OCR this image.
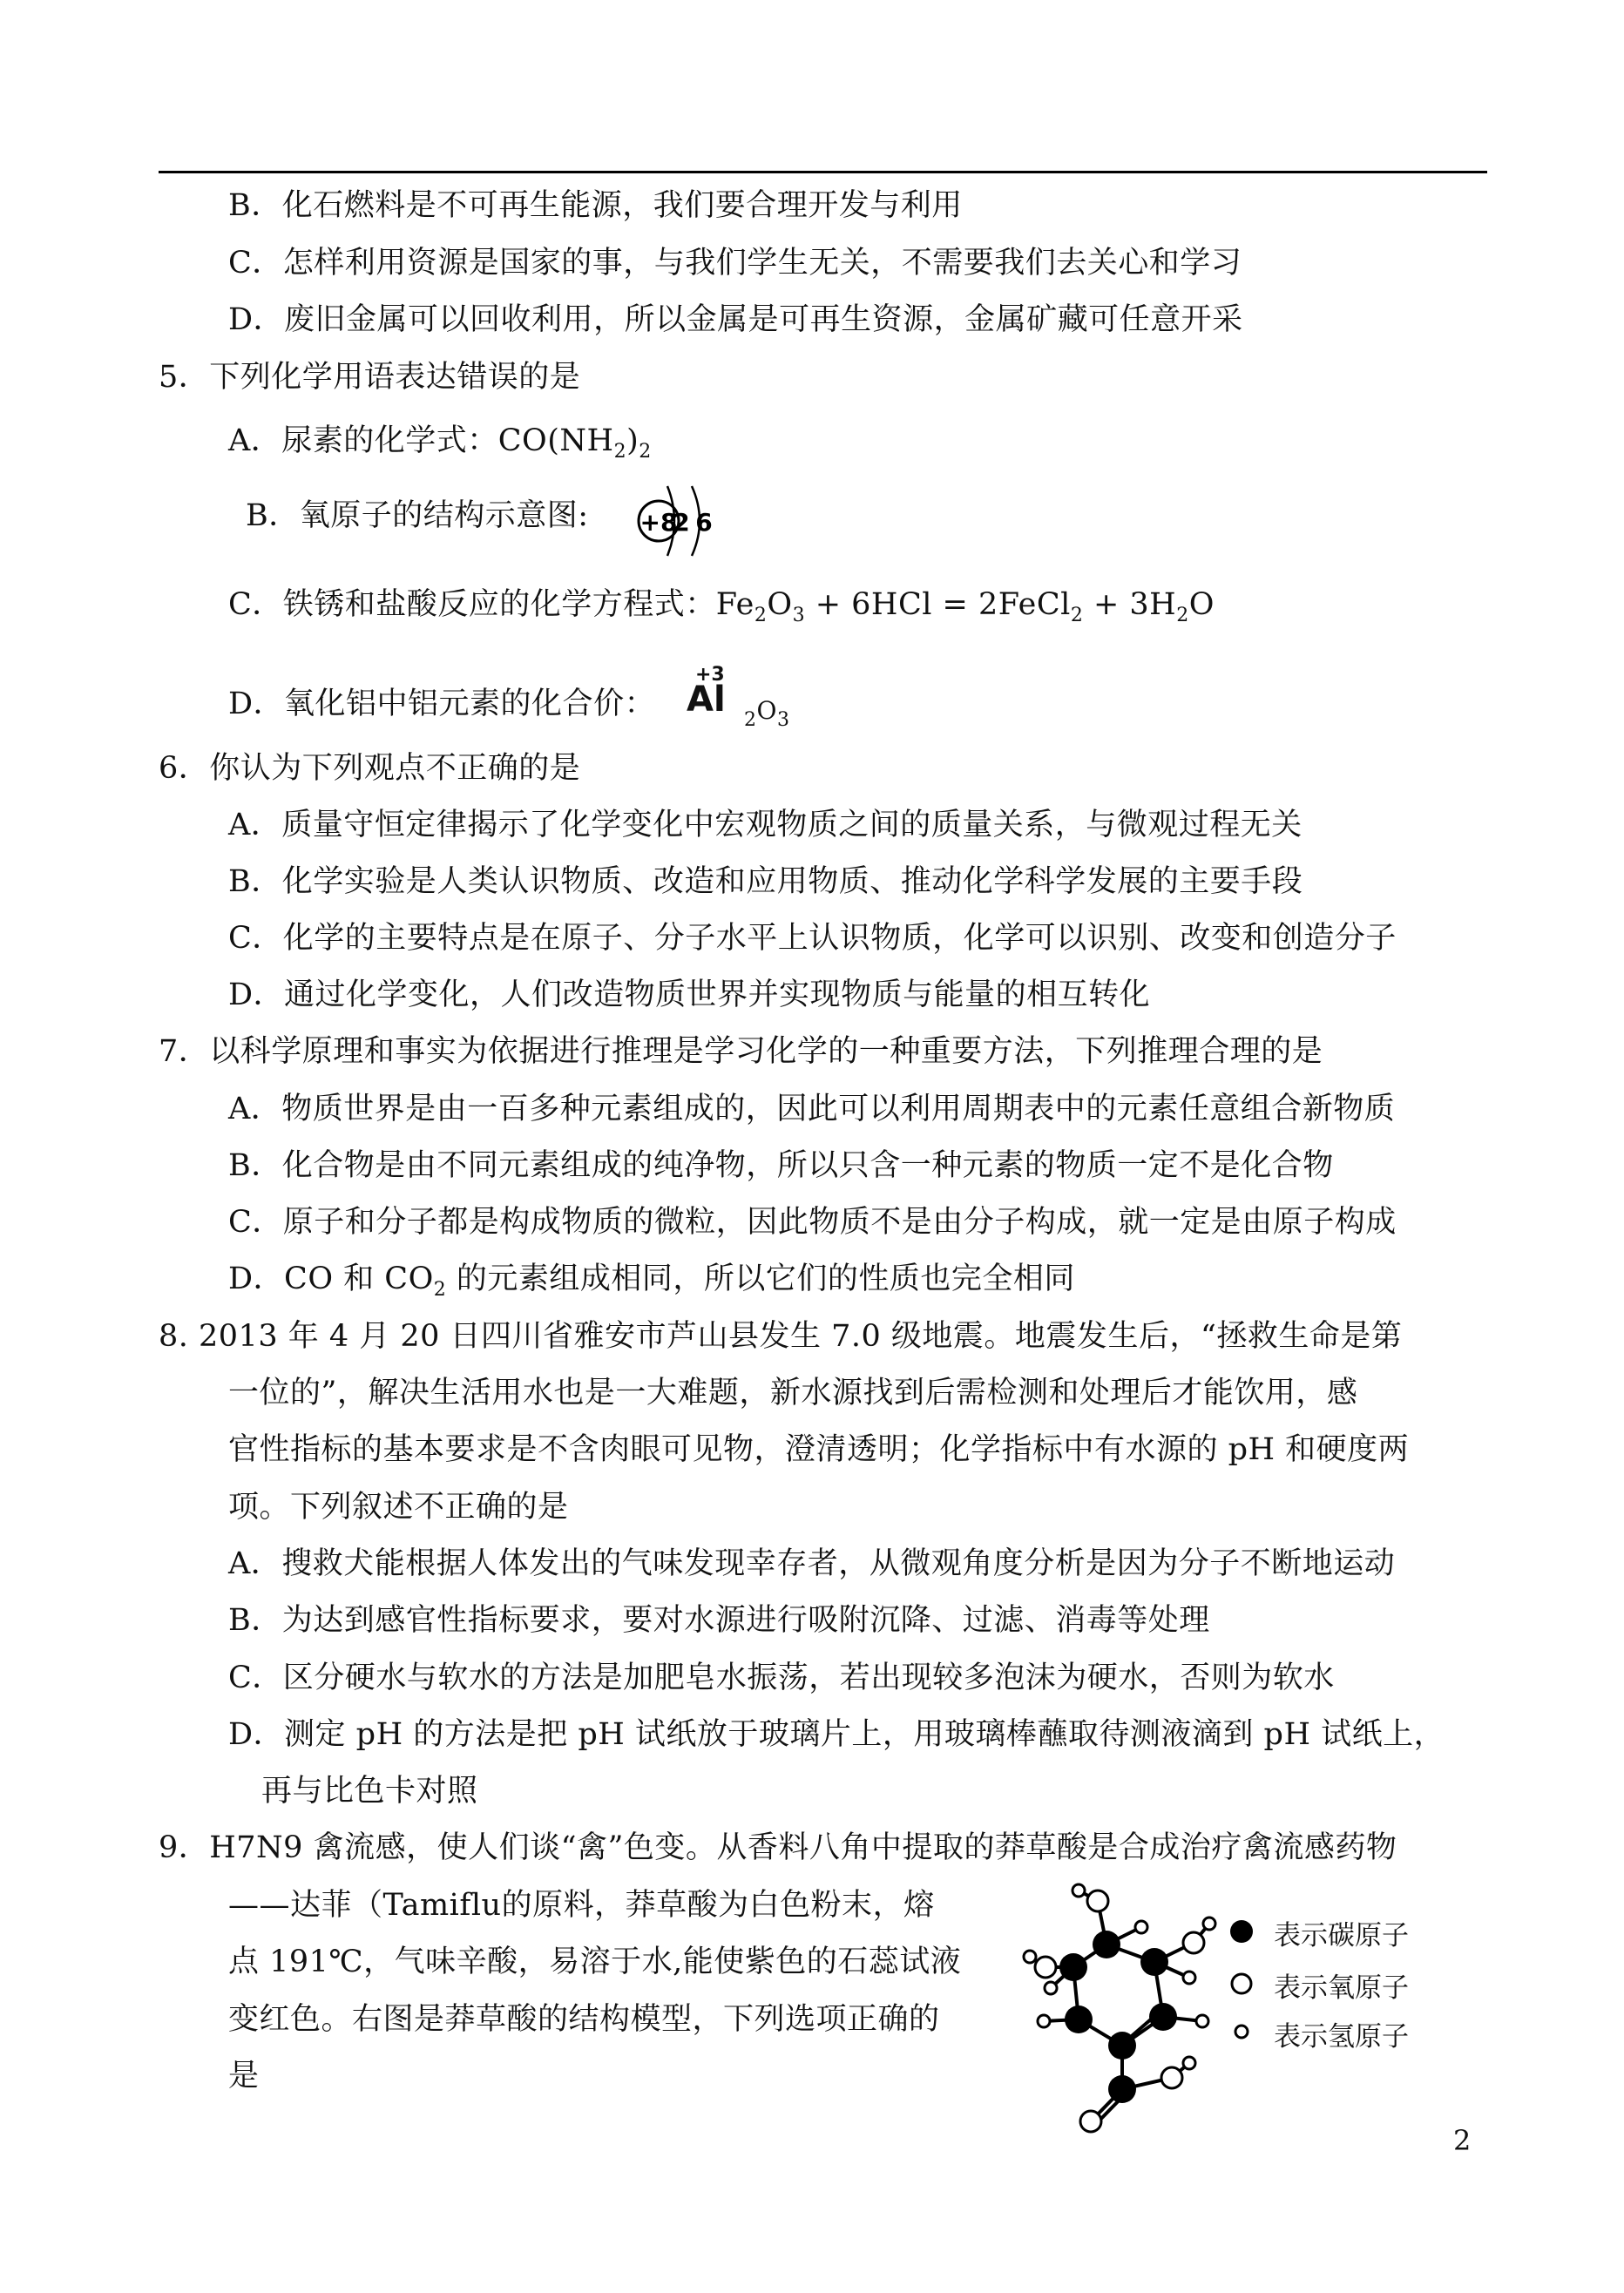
B．化石燃料是不可再生能源，我们要合理开发与利用
C．怎样利用资源是国家的事，与我们学生无关，不需要我们去关心和学习
D．废旧金属可以回收利用，所以金属是可再生资源，金属矿藏可任意开采
5．下列化学用语表达错误的是
A．尿素的化学式：$CO(NH_2)_2$
B．氧原子的结构示意图: +8
2 6
C．铁锈和盐酸反应的化学方程式：$Fe_2O_3 + 6HCl$ = 2FeCl$_2$ + $3H_2O$
D．氧化铝中铝元素的化合价：
+3
Al
$_2O_3$
6．你认为下列观点不正确的是
A．质量守恒定律揭示了化学变化中宏观物质之间的质量关系，与微观过程无关
B．化学实验是人类认识物质、改造和应用物质、推动化学科学发展的主要手段
C．化学的主要特点是在原子、分子水平上认识物质，化学可以识别、改变和创造分子
D．通过化学变化，人们改造物质世界并实现物质与能量的相互转化
7．以科学原理和事实为依据进行推理是学习化学的一种重要方法，下列推理合理的是
A．物质世界是由一百多种元素组成的，因此可以利用周期表中的元素任意组合新物质
B．化合物是由不同元素组成的纯净物，所以只含一种元素的物质一定不是化合物
C．原子和分子都是构成物质的微粒，因此物质不是由分子构成，就一定是由原子构成
D．CO 和 $CO_2$ 的元素组成相同，所以它们的性质也完全相同
8. 2013 年 4 月 20 日四川省雅安市芦山县发生 7.0 级地震。地震发生后，“拯救生命是第
一位的”，解决生活用水也是一大难题，新水源找到后需检测和处理后才能饮用，感
官性指标的基本要求是不含肉眼可见物，澄清透明；化学指标中有水源的 pH 和硬度两
项。下列叙述不正确的是
A．搜救犬能根据人体发出的气味发现幸存者，从微观角度分析是因为分子不断地运动
B．为达到感官性指标要求，要对水源进行吸附沉降、过滤、消毒等处理
C．区分硬水与软水的方法是加肥皂水振荡，若出现较多泡沫为硬水，否则为软水
D．测定 pH 的方法是把 pH 试纸放于玻璃片上，用玻璃棒蘸取待测液滴到 pH 试纸上，
再与比色卡对照
9．H7N9 禽流感，使人们谈“禽”色变。从香料八角中提取的莽草酸是合成治疗禽流感药物
——达菲（Tamiflu的原料，莽草酸为白色粉末，熔
点 191℃，气味辛酸，易溶于水,能使紫色的石蕊试液
变红色。右图是莽草酸的结构模型，下列选项正确的
是
表示碳原子
表示氧原子
表示氢原子
2
